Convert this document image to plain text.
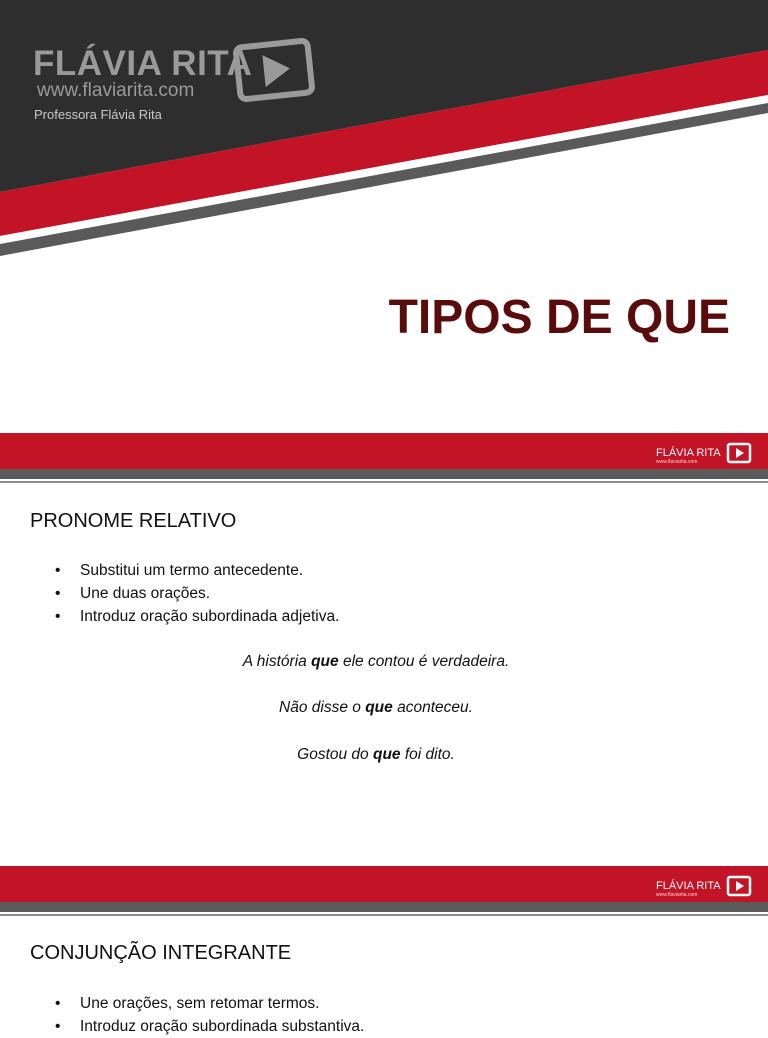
FLÁVIA RITA
www.flaviarita.com
Professora Flávia Rita
TIPOS DE QUE
FLÁVIA RITA
www.flaviarita.com
PRONOME RELATIVO
• Substitui um termo antecedente.
• Une duas orações.
• Introduz oração subordinada adjetiva.
A história que ele contou é verdadeira.
Não disse o que aconteceu.
Gostou do que foi dito.
FLÁVIA RITA
www.flaviarita.com
CONJUNÇÃO INTEGRANTE
• Une orações, sem retomar termos.
• Introduz oração subordinada substantiva.
